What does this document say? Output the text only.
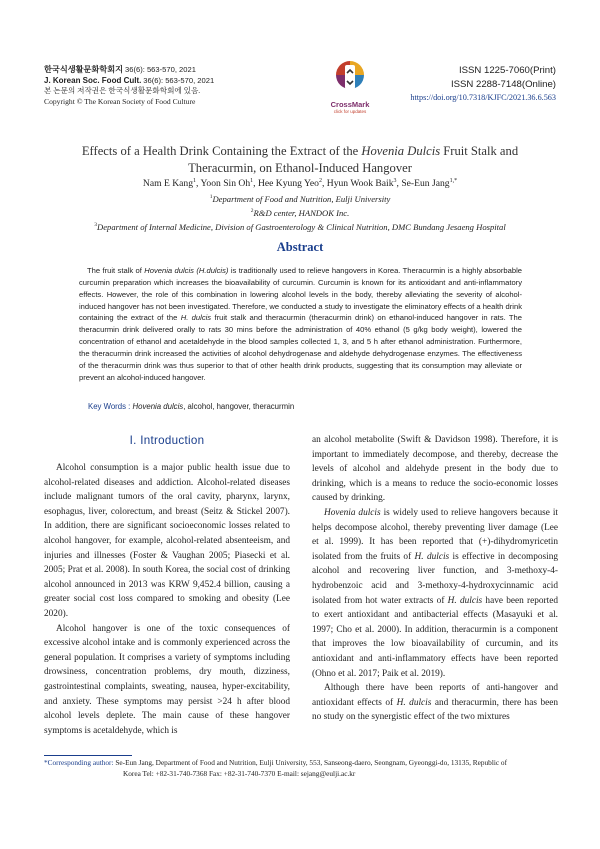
한국식생활문화학회지 36(6): 563-570, 2021
J. Korean Soc. Food Cult. 36(6): 563-570, 2021
본 논문의 저작권은 한국식생활문화학회에 있음.
Copyright © The Korean Society of Food Culture	CrossMark
click for updates
ISSN 1225-7060(Print)
ISSN 2288-7148(Online)
https://doi.org/10.7318/KJFC/2021.36.6.563
Effects of a Health Drink Containing the Extract of the Hovenia Dulcis Fruit Stalk and
Theracurmin, on Ethanol-Induced Hangover
Nam E Kang$^1$, Yoon Sin Oh$^1$, Hee Kyung Yeo$^2$, Hyun Wook Baik$^3$, Se-Eun Jang$^{1,*}$
$^1$Department of Food and Nutrition, Eulji University
$^2$R&D center, HANDOK Inc.
$^3$Department of Internal Medicine, Division of Gastroenterology & Clinical Nutrition, DMC Bundang Jesaeng Hospital
Abstract
The fruit stalk of Hovenia dulcis (H.dulcis) is traditionally used to relieve hangovers in Korea. Theracurmin is a highly absorbable curcumin preparation which increases the bioavailability of curcumin. Curcumin is known for its antioxidant and anti-inflammatory effects. However, the role of this combination in lowering alcohol levels in the body, thereby alleviating the severity of alcohol-induced hangover has not been investigated. Therefore, we conducted a study to investigate the eliminatory effects of a health drink containing the extract of the H. dulcis fruit stalk and theracurmin (theracurmin drink) on ethanol-induced hangover in rats. The theracurmin drink delivered orally to rats 30 mins before the administration of 40% ethanol (5 g/kg body weight), lowered the concentration of ethanol and acetaldehyde in the blood samples collected 1, 3, and 5 h after ethanol administration. Furthermore, the theracurmin drink increased the activities of alcohol dehydrogenase and aldehyde dehydrogenase enzymes. The effectiveness of the theracurmin drink was thus superior to that of other health drink products, suggesting that its consumption may alleviate or prevent an alcohol-induced hangover.
Key Words : Hovenia dulcis, alcohol, hangover, theracurmin
I. Introduction

Alcohol consumption is a major public health issue due to alcohol-related diseases and addiction. Alcohol-related diseases include malignant tumors of the oral cavity, pharynx, larynx, esophagus, liver, colorectum, and breast (Seitz & Stickel 2007). In addition, there are significant socioeconomic losses related to alcohol hangover, for example, alcohol-related absenteeism, and injuries and illnesses (Foster & Vaughan 2005; Piasecki et al. 2005; Prat et al. 2008). In south Korea, the social cost of drinking alcohol announced in 2013 was KRW 9,452.4 billion, causing a greater social cost loss compared to smoking and obesity (Lee 2020).

Alcohol hangover is one of the toxic consequences of excessive alcohol intake and is commonly experienced across the general population. It comprises a variety of symptoms including drowsiness, concentration problems, dry mouth, dizziness, gastrointestinal complaints, sweating, nausea, hyper-excitability, and anxiety. These symptoms may persist >24 h after blood alcohol levels deplete. The main cause of these hangover symptoms is acetaldehyde, which is

an alcohol metabolite (Swift & Davidson 1998). Therefore, it is important to immediately decompose, and thereby, decrease the levels of alcohol and aldehyde present in the body due to drinking, which is a means to reduce the socio-economic losses caused by drinking.

Hovenia dulcis is widely used to relieve hangovers because it helps decompose alcohol, thereby preventing liver damage (Lee et al. 1999). It has been reported that (+)-dihydromyricetin isolated from the fruits of H. dulcis is effective in decomposing alcohol and recovering liver function, and 3-methoxy-4-hydrobenzoic acid and 3-methoxy-4-hydroxycinnamic acid isolated from hot water extracts of H. dulcis have been reported to exert antioxidant and antibacterial effects (Masayuki et al. 1997; Cho et al. 2000). In addition, theracurmin is a component that improves the low bioavailability of curcumin, and its antioxidant and anti-inflammatory effects have been reported (Ohno et al. 2017; Paik et al. 2019).

Although there have been reports of anti-hangover and antioxidant effects of H. dulcis and theracurmin, there has been no study on the synergistic effect of the two mixtures

*Corresponding author: Se-Eun Jang, Department of Food and Nutrition, Eulji University, 553, Sanseong-daero, Seongnam, Gyeonggi-do, 13135, Republic of
Korea Tel: +82-31-740-7368 Fax: +82-31-740-7370 E-mail: sejang@eulji.ac.kr
